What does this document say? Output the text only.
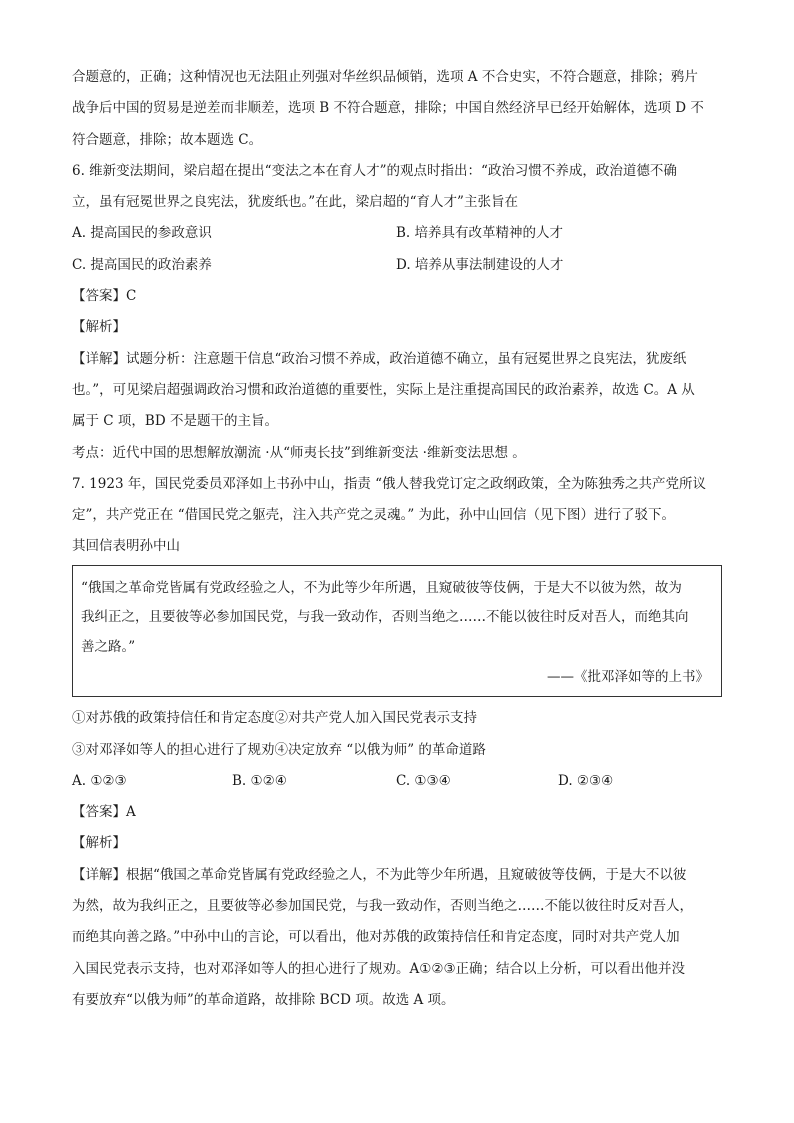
合题意的，正确；这种情况也无法阻止列强对华丝织品倾销，选项 A 不合史实，不符合题意，排除；鸦片
战争后中国的贸易是逆差而非顺差，选项 B 不符合题意，排除；中国自然经济早已经开始解体，选项 D 不
符合题意，排除；故本题选 C。
6. 维新变法期间，梁启超在提出“变法之本在育人才”的观点时指出：“政治习惯不养成，政治道德不确
立，虽有冠冕世界之良宪法，犹废纸也。”在此，梁启超的“育人才”主张旨在
A. 提高国民的参政意识	B. 培养具有改革精神的人才
C. 提高国民的政治素养	D. 培养从事法制建设的人才
【答案】C
【解析】
【详解】试题分析：注意题干信息“政治习惯不养成，政治道德不确立，虽有冠冕世界之良宪法，犹废纸
也。”，可见梁启超强调政治习惯和政治道德的重要性，实际上是注重提高国民的政治素养，故选 C。A 从
属于 C 项，BD 不是题干的主旨。
考点：近代中国的思想解放潮流 ·从“师夷长技”到维新变法 ·维新变法思想 。
7. 1923 年，国民党委员邓泽如上书孙中山，指责 “俄人替我党订定之政纲政策，全为陈独秀之共产党所议
定”，共产党正在 “借国民党之躯壳，注入共产党之灵魂。” 为此，孙中山回信（见下图）进行了驳下。
其回信表明孙中山
“俄国之革命党皆属有党政经验之人，不为此等少年所遇，且窥破彼等伎俩，于是大不以彼为然，故为
我纠正之，且要彼等必参加国民党，与我一致动作，否则当绝之……不能以彼往时反对吾人，而绝其向
善之路。”
——《批邓泽如等的上书》
①对苏俄的政策持信任和肯定态度②对共产党人加入国民党表示支持
③对邓泽如等人的担心进行了规劝④决定放弃 “以俄为师” 的革命道路
A. ①②③	B. ①②④	C. ①③④	D. ②③④
【答案】A
【解析】
【详解】根据“俄国之革命党皆属有党政经验之人，不为此等少年所遇，且窥破彼等伎俩，于是大不以彼
为然，故为我纠正之，且要彼等必参加国民党，与我一致动作，否则当绝之……不能以彼往时反对吾人，
而绝其向善之路。”中孙中山的言论，可以看出，他对苏俄的政策持信任和肯定态度，同时对共产党人加
入国民党表示支持，也对邓泽如等人的担心进行了规劝。A①②③正确；结合以上分析，可以看出他并没
有要放弃“以俄为师”的革命道路，故排除 BCD 项。故选 A 项。
